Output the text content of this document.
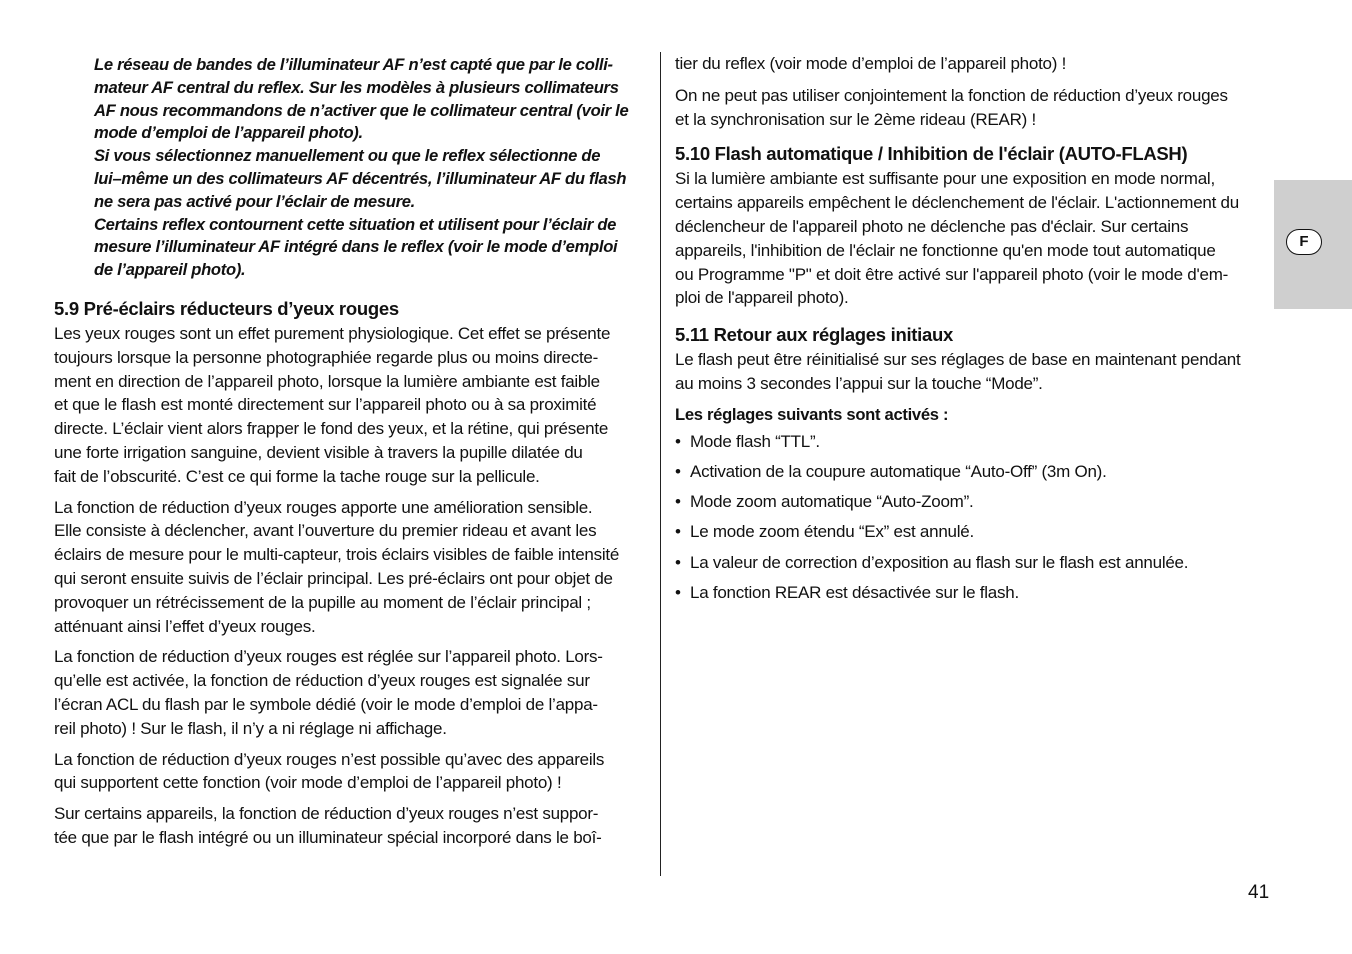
Le réseau de bandes de l’illuminateur AF n’est capté que par le colli-
mateur AF central du reflex. Sur les modèles à plusieurs collimateurs
AF nous recommandons de n’activer que le collimateur central (voir le
mode d’emploi de l’appareil photo).
Si vous sélectionnez manuellement ou que le reflex sélectionne de
lui–même un des collimateurs AF décentrés, l’illuminateur AF du flash
ne sera pas activé pour l’éclair de mesure.
Certains reflex contournent cette situation et utilisent pour l’éclair de
mesure l’illuminateur AF intégré dans le reflex (voir le mode d’emploi
de l’appareil photo).
5.9 Pré-éclairs réducteurs d’yeux rouges

Les yeux rouges sont un effet purement physiologique. Cet effet se présente
toujours lorsque la personne photographiée regarde plus ou moins directe-
ment en direction de l’appareil photo, lorsque la lumière ambiante est faible
et que le flash est monté directement sur l’appareil photo ou à sa proximité
directe. L’éclair vient alors frapper le fond des yeux, et la rétine, qui présente
une forte irrigation sanguine, devient visible à travers la pupille dilatée du
fait de l’obscurité. C’est ce qui forme la tache rouge sur la pellicule.

La fonction de réduction d’yeux rouges apporte une amélioration sensible.
Elle consiste à déclencher, avant l’ouverture du premier rideau et avant les
éclairs de mesure pour le multi-capteur, trois éclairs visibles de faible intensité
qui seront ensuite suivis de l’éclair principal. Les pré-éclairs ont pour objet de
provoquer un rétrécissement de la pupille au moment de l’éclair principal ;
atténuant ainsi l’effet d’yeux rouges.

La fonction de réduction d’yeux rouges est réglée sur l’appareil photo. Lors-
qu’elle est activée, la fonction de réduction d’yeux rouges est signalée sur
l’écran ACL du flash par le symbole dédié (voir le mode d’emploi de l’appa-
reil photo) ! Sur le flash, il n’y a ni réglage ni affichage.

La fonction de réduction d’yeux rouges n’est possible qu’avec des appareils
qui supportent cette fonction (voir mode d’emploi de l’appareil photo) !

Sur certains appareils, la fonction de réduction d’yeux rouges n’est suppor-
tée que par le flash intégré ou un illuminateur spécial incorporé dans le boî-

tier du reflex (voir mode d’emploi de l’appareil photo) !

On ne peut pas utiliser conjointement la fonction de réduction d’yeux rouges
et la synchronisation sur le 2ème rideau (REAR) !

5.10 Flash automatique / Inhibition de l'éclair (AUTO-FLASH)

Si la lumière ambiante est suffisante pour une exposition en mode normal,
certains appareils empêchent le déclenchement de l'éclair. L'actionnement du
déclencheur de l'appareil photo ne déclenche pas d'éclair. Sur certains
appareils, l'inhibition de l'éclair ne fonctionne qu'en mode tout automatique
ou Programme "P" et doit être activé sur l'appareil photo (voir le mode d'em-
ploi de l'appareil photo).

5.11 Retour aux réglages initiaux

Le flash peut être réinitialisé sur ses réglages de base en maintenant pendant
au moins 3 secondes l’appui sur la touche “Mode”.

Les réglages suivants sont activés :
• Mode flash “TTL”.
• Activation de la coupure automatique “Auto-Off” (3m On).
• Mode zoom automatique “Auto-Zoom”.
• Le mode zoom étendu “Ex” est annulé.
• La valeur de correction d’exposition au flash sur le flash est annulée.
• La fonction REAR est désactivée sur le flash.
F
41
